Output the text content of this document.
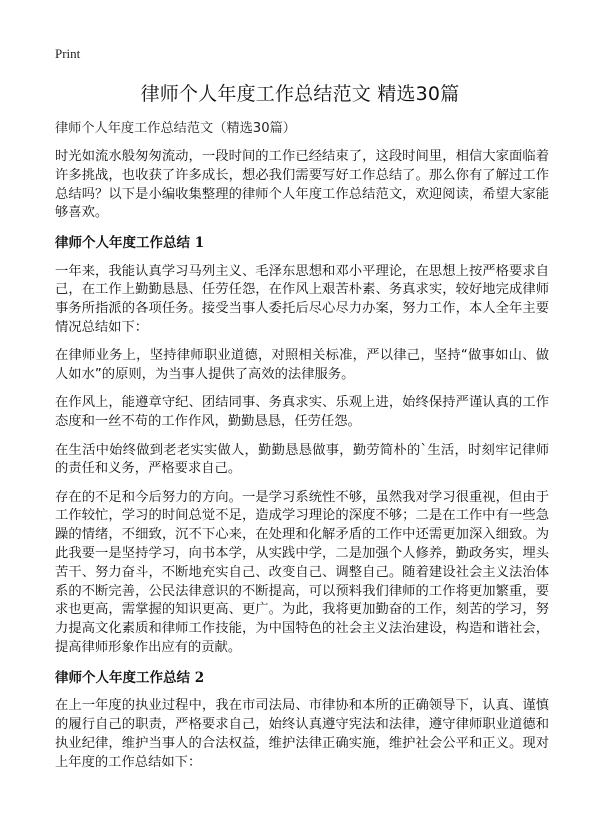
Print
律师个人年度工作总结范文 精选30篇
律师个人年度工作总结范文（精选30篇）

时光如流水般匆匆流动，一段时间的工作已经结束了，这段时间里，相信大家面临着许多挑战，也收获了许多成长，想必我们需要写好工作总结了。那么你有了解过工作总结吗？以下是小编收集整理的律师个人年度工作总结范文，欢迎阅读，希望大家能够喜欢。

律师个人年度工作总结 1

一年来，我能认真学习马列主义、毛泽东思想和邓小平理论，在思想上按严格要求自己，在工作上勤勤恳恳、任劳任怨，在作风上艰苦朴素、务真求实，较好地完成律师事务所指派的各项任务。接受当事人委托后尽心尽力办案，努力工作，本人全年主要情况总结如下：

在律师业务上，坚持律师职业道德，对照相关标准，严以律己，坚持“做事如山、做人如水”的原则，为当事人提供了高效的法律服务。

在作风上，能遵章守纪、团结同事、务真求实、乐观上进，始终保持严谨认真的工作态度和一丝不苟的工作作风，勤勤恳恳，任劳任怨。

在生活中始终做到老老实实做人，勤勤恳恳做事，勤劳简朴的`生活，时刻牢记律师的责任和义务，严格要求自己。

存在的不足和今后努力的方向。一是学习系统性不够，虽然我对学习很重视，但由于工作较忙，学习的时间总觉不足，造成学习理论的深度不够；二是在工作中有一些急躁的情绪，不细致，沉不下心来，在处理和化解矛盾的工作中还需更加深入细致。为此我要一是坚持学习，向书本学，从实践中学，二是加强个人修养，勤政务实，埋头苦干、努力奋斗，不断地充实自己、改变自己、调整自己。随着建设社会主义法治体系的不断完善，公民法律意识的不断提高，可以预料我们律师的工作将更加繁重，要求也更高，需掌握的知识更高、更广。为此，我将更加勤奋的工作，刻苦的学习，努力提高文化素质和律师工作技能，为中国特色的社会主义法治建设，构造和谐社会，提高律师形象作出应有的贡献。

律师个人年度工作总结 2

在上一年度的执业过程中，我在市司法局、市律协和本所的正确领导下，认真、谨慎的履行自己的职责，严格要求自己，始终认真遵守宪法和法律，遵守律师职业道德和执业纪律，维护当事人的合法权益，维护法律正确实施，维护社会公平和正义。现对上年度的工作总结如下：
